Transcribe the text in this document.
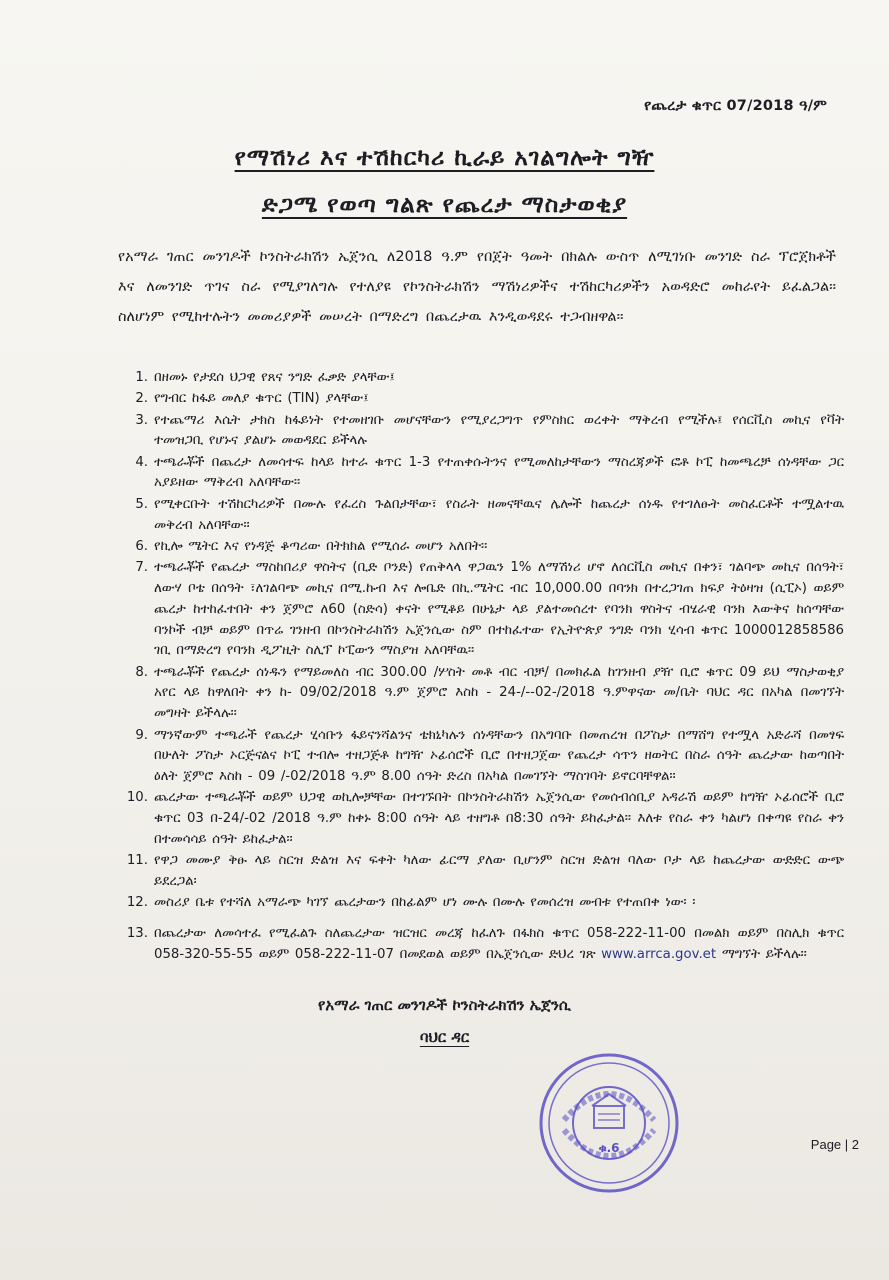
የጨረታ ቁጥር 07/2018 ዓ/ም
የማሽነሪ እና ተሽከርካሪ ኪራይ አገልግሎት ግዥ
ድጋሜ የወጣ ግልጽ የጨረታ ማስታወቂያ
የአማራ ገጠር መንገዶች ኮንስትራክሽን ኤጀንሲ ለ2018 ዓ.ም የበጀት ዓመት በክልሉ ውስጥ ለሚገነቡ መንገድ ስራ ፕሮጀክቶች እና ለመንገድ ጥገና ስራ የሚያገለግሉ የተለያዩ የኮንስትራክሽን ማሽነሪዎችና ተሽከርካሪዎችን አወዳድሮ መከራየት ይፈልጋል፡፡ ስለሆነም የሚከተሉትን መመሪያዎች መሠረት በማድረግ በጨረታዉ እንዲወዳደሩ ተጋብዘዋል፡፡
1. በዘመኑ የታደሰ ህጋዊ የጸና ንግድ ፈቃድ ያላቸው፤
2. የግብር ከፋይ መለያ ቁጥር (TIN) ያላቸው፤
3. የተጨማሪ እሴት ታክስ ከፋይነት የተመዘገቡ መሆናቸውን የሚያረጋግጥ የምስክር ወረቀት ማቅረብ የሚችሉ፤ የሰርቪስ መኪና የቫት ተመዝጋቢ የሆኑና ያልሆኑ መወዳደር ይችላሉ
4. ተጫራቾች በጨረታ ለመሳተፍ ከላይ ከተራ ቁጥር 1-3 የተጠቀሱትንና የሚመለከታቸውን ማስረጃዎች ፎቶ ኮፒ ከመጫረቻ ሰነዳቸው ጋር አያይዘው ማቅረብ አለባቸው፡፡
5. የሚቀርቡት ተሽከርካሪዎች በሙሉ የፈረስ ጉልበታቸው፣ የስራት ዘመናቸዉና ሌሎች ከጨረታ ሰነዱ የተገለፁት መስፈርቶች ተሟልተዉ መቅረብ አለባቸው፡፡
6. የኪሎ ሜትር እና የነዳጅ ቆጣሪው በትክክል የሚሰራ መሆን አለበት፡፡
7. ተጫራቾች የጨረታ ማስከበሪያ ዋስትና (ቢድ ቦንድ) የጠቅላላ ዋጋዉን 1% ለማሽነሪ ሆኖ ለሰርቪስ መኪና በቀን፣ ገልባጭ መኪና በሰዓት፣ ለውሃ ቦቴ በሰዓት ፣ለገልባጭ መኪና በሚ.ኩብ እና ሎቤድ በኪ.ሜትር ብር 10,000.00 በባንክ በተረጋገጠ ክፍያ ትዕዛዝ (ሲፒኦ) ወይም ጨረታ ከተከፈተበት ቀን ጀምሮ ለ60 (ስድሳ) ቀናት የሚቆይ በሁኔታ ላይ ያልተመሰረተ የባንክ ዋስትና ብሄራዊ ባንክ እውቅና ከሰጣቸው ባንኮች ብቻ ወይም በጥሬ ገንዘብ በኮንስትራክሽን ኤጀንሲው ስም በተከፈተው የኢትዮጵያ ንግድ ባንክ ሂሳብ ቁጥር 1000012858586 ገቢ በማድረግ የባንክ ዲፖዚት ስሊፕ ኮፒውን ማስያዝ አለባቸዉ፡፡
8. ተጫራቾች የጨረታ ሰነዱን የማይመለስ ብር 300.00 /ሦስት መቶ ብር ብቻ/ በመክፈል ከገንዘብ ያዥ ቢሮ ቁጥር 09 ይህ ማስታወቂያ አየር ላይ ከዋለበት ቀን ከ- 09/02/2018 ዓ.ም ጀምሮ እስከ - 24-/--02-/2018 ዓ.ምዋናው መ/ቤት ባህር ዳር በአካል በመገኘት መግዛት ይችላሉ፡፡
9. ማንኛውም ተጫራች የጨረታ ሂሳቡን ፋይናንሻልንና ቴክኒካሉን ሰነዳቸውን በአግባቡ በመጠረዝ በፖስታ በማሸግ የተሟላ አድራሻ በመፃፍ በሁለት ፖስታ ኦርጅናልና ኮፒ ተብሎ ተዘጋጅቶ ከግዥ ኦፊሰሮች ቢሮ በተዘጋጀው የጨረታ ሳጥን ዘወትር በስራ ሰዓት ጨረታው ከወጣበት ዕለት ጀምሮ እስከ - 09 /-02/2018 ዓ.ም 8.00 ሰዓት ድረስ በአካል በመገኘት ማስገባት ይኖርባቸዋል፡፡
10. ጨረታው ተጫራቾች ወይም ህጋዊ ወኪሎቻቸው በተገኙበት በኮንስትራክሽን ኤጀንሲው የመሰብሰቢያ አዳራሽ ወይም ከግዥ ኦፊሰሮች ቢሮ ቁጥር 03 በ-24/-02 /2018 ዓ.ም ከቀኑ 8:00 ሰዓት ላይ ተዘግቶ በ8:30 ሰዓት ይከፈታል፡፡ እለቱ የስራ ቀን ካልሆነ በቀጣዩ የስራ ቀን በተመሳሳይ ሰዓት ይከፈታል፡፡
11. የዋጋ መሙያ ቅፁ ላይ ስርዝ ድልዝ እና ፍቀት ካለው ፊርማ ያለው ቢሆንም ስርዝ ድልዝ ባለው ቦታ ላይ ከጨረታው ውድድር ውጭ ይደረጋል፡
12. መስሪያ ቤቱ የተሻለ አማራጭ ካገኘ ጨረታውን በከፊልም ሆነ ሙሉ በሙሉ የመሰረዝ መብቱ የተጠበቀ ነው፡ ፡
13. በጨረታው ለመሳተፈ የሚፈልጉ ስለጨረታው ዝርዝር መረጃ ከፈለጉ በፋክስ ቁጥር 058-222-11-00 በመልክ ወይም በስሊክ ቁጥር 058-320-55-55 ወይም 058-222-11-07 በመደወል ወይም በኤጀንሲው ድህረ ገጽ www.arrca.gov.et ማግኘት ይችላሉ፡፡
የአማራ ገጠር መንገዶች ኮንስትራክሽን ኤጀንሲ
ባህር ዳር
ቁ.6	Page | 2
